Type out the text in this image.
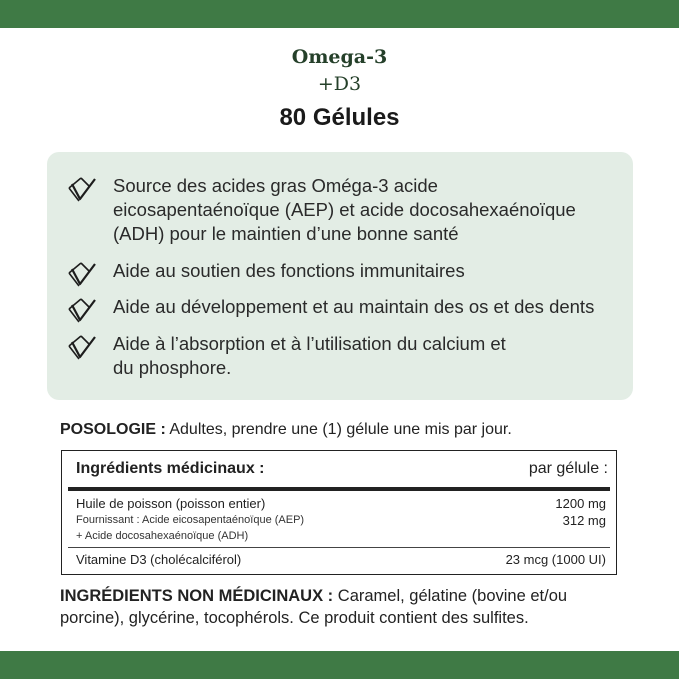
Omega-3
+D3
80 Gélules
Source des acides gras Oméga-3 acide
eicosapentaénoïque (AEP) et acide docosahexaénoïque
(ADH) pour le maintien d’une bonne santé
Aide au soutien des fonctions immunitaires
Aide au développement et au maintain des os et des dents
Aide à l’absorption et à l’utilisation du calcium et
du phosphore.
POSOLOGIE : Adultes, prendre une (1) gélule une mis par jour.
Ingrédients médicinaux :	par gélule :
Huile de poisson (poisson entier)	1200 mg
Fournissant : Acide eicosapentaénoïque (AEP)	312 mg
+ Acide docosahexaénoïque (ADH)
Vitamine D3 (cholécalciférol)	23 mcg (1000 UI)
INGRÉDIENTS NON MÉDICINAUX : Caramel, gélatine (bovine et/ou porcine), glycérine, tocophérols. Ce produit contient des sulfites.
